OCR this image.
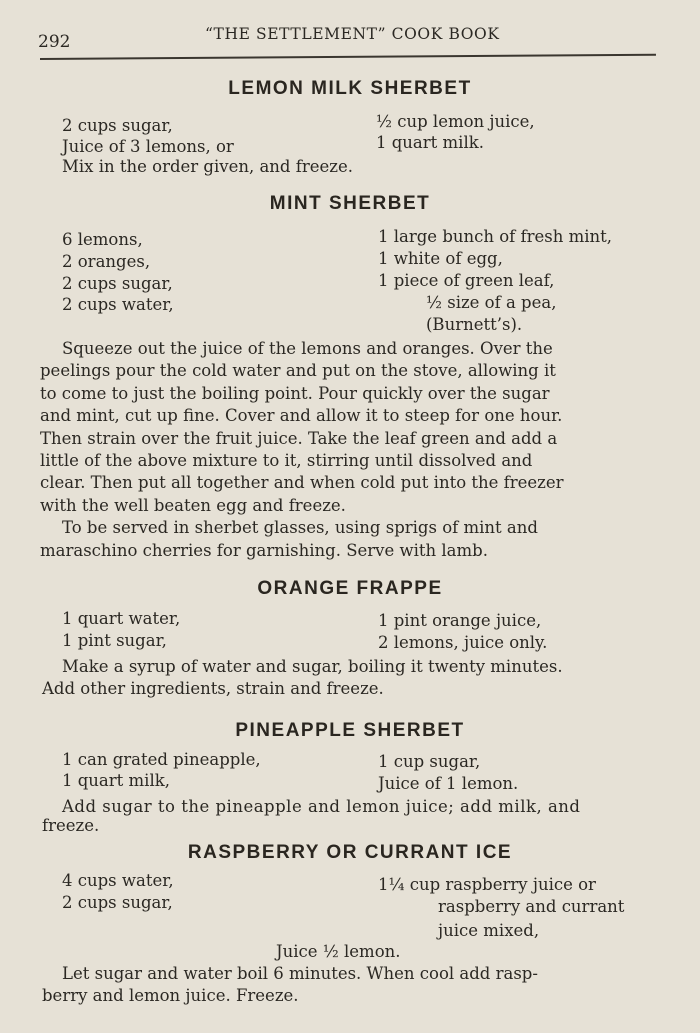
292	“THE SETTLEMENT” COOK BOOK
LEMON MILK SHERBET
2 cups sugar,
Juice of 3 lemons, or
½ cup lemon juice,
1 quart milk.
Mix in the order given, and freeze.
MINT SHERBET
6 lemons,
2 oranges,
2 cups sugar,
2 cups water,
1 large bunch of fresh mint,
1 white of egg,
1 piece of green leaf,
½ size of a pea,
(Burnett’s).
Squeeze out the juice of the lemons and oranges. Over the
peelings pour the cold water and put on the stove, allowing it
to come to just the boiling point. Pour quickly over the sugar
and mint, cut up fine. Cover and allow it to steep for one hour.
Then strain over the fruit juice. Take the leaf green and add a
little of the above mixture to it, stirring until dissolved and
clear. Then put all together and when cold put into the freezer
with the well beaten egg and freeze.
To be served in sherbet glasses, using sprigs of mint and
maraschino cherries for garnishing. Serve with lamb.
ORANGE FRAPPE
1 quart water,
1 pint sugar,
1 pint orange juice,
2 lemons, juice only.
Make a syrup of water and sugar, boiling it twenty minutes.
Add other ingredients, strain and freeze.
PINEAPPLE SHERBET
1 can grated pineapple,
1 quart milk,
1 cup sugar,
Juice of 1 lemon.
Add sugar to the pineapple and lemon juice; add milk, and
freeze.
RASPBERRY OR CURRANT ICE
4 cups water,
2 cups sugar,
1¼ cup raspberry juice or
raspberry and currant
juice mixed,
Juice ½ lemon.
Let sugar and water boil 6 minutes. When cool add rasp-
berry and lemon juice. Freeze.
